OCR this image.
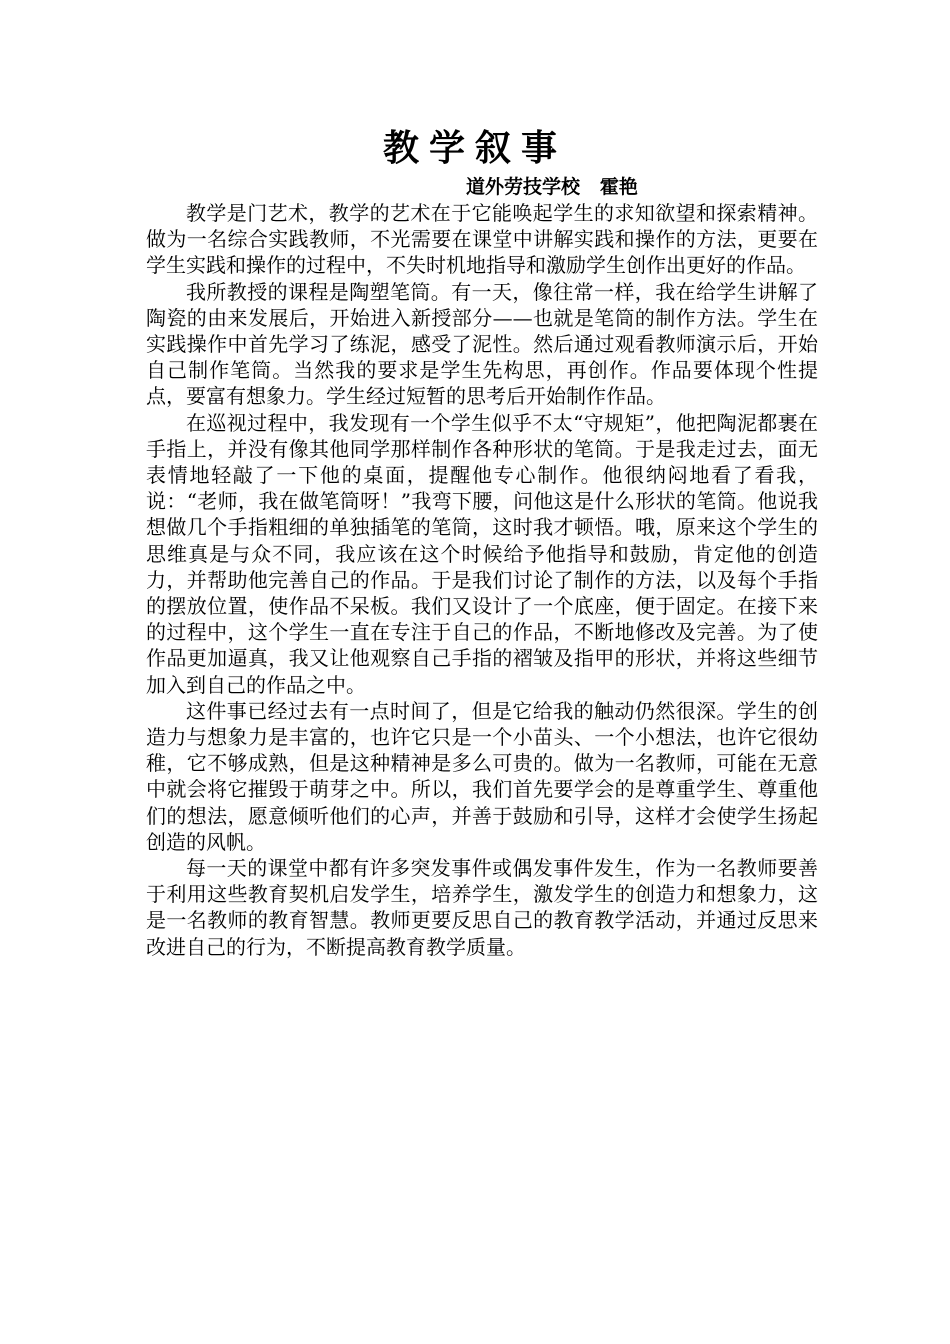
教学叙事
道外劳技学校   霍艳

教学是门艺术，教学的艺术在于它能唤起学生的求知欲望和探索精神。做为一名综合实践教师，不光需要在课堂中讲解实践和操作的方法，更要在学生实践和操作的过程中，不失时机地指导和激励学生创作出更好的作品。

我所教授的课程是陶塑笔筒。有一天，像往常一样，我在给学生讲解了陶瓷的由来发展后，开始进入新授部分——也就是笔筒的制作方法。学生在实践操作中首先学习了练泥，感受了泥性。然后通过观看教师演示后，开始自己制作笔筒。当然我的要求是学生先构思，再创作。作品要体现个性提点，要富有想象力。学生经过短暂的思考后开始制作作品。

在巡视过程中，我发现有一个学生似乎不太“守规矩”，他把陶泥都裹在手指上，并没有像其他同学那样制作各种形状的笔筒。于是我走过去，面无表情地轻敲了一下他的桌面，提醒他专心制作。他很纳闷地看了看我，说：“老师，我在做笔筒呀！”我弯下腰，问他这是什么形状的笔筒。他说我想做几个手指粗细的单独插笔的笔筒，这时我才顿悟。哦，原来这个学生的思维真是与众不同，我应该在这个时候给予他指导和鼓励，肯定他的创造力，并帮助他完善自己的作品。于是我们讨论了制作的方法，以及每个手指的摆放位置，使作品不呆板。我们又设计了一个底座，便于固定。在接下来的过程中，这个学生一直在专注于自己的作品，不断地修改及完善。为了使作品更加逼真，我又让他观察自己手指的褶皱及指甲的形状，并将这些细节加入到自己的作品之中。

这件事已经过去有一点时间了，但是它给我的触动仍然很深。学生的创造力与想象力是丰富的，也许它只是一个小苗头、一个小想法，也许它很幼稚，它不够成熟，但是这种精神是多么可贵的。做为一名教师，可能在无意中就会将它摧毁于萌芽之中。所以，我们首先要学会的是尊重学生、尊重他们的想法，愿意倾听他们的心声，并善于鼓励和引导，这样才会使学生扬起创造的风帆。

每一天的课堂中都有许多突发事件或偶发事件发生，作为一名教师要善于利用这些教育契机启发学生，培养学生，激发学生的创造力和想象力，这是一名教师的教育智慧。教师更要反思自己的教育教学活动，并通过反思来改进自己的行为，不断提高教育教学质量。
